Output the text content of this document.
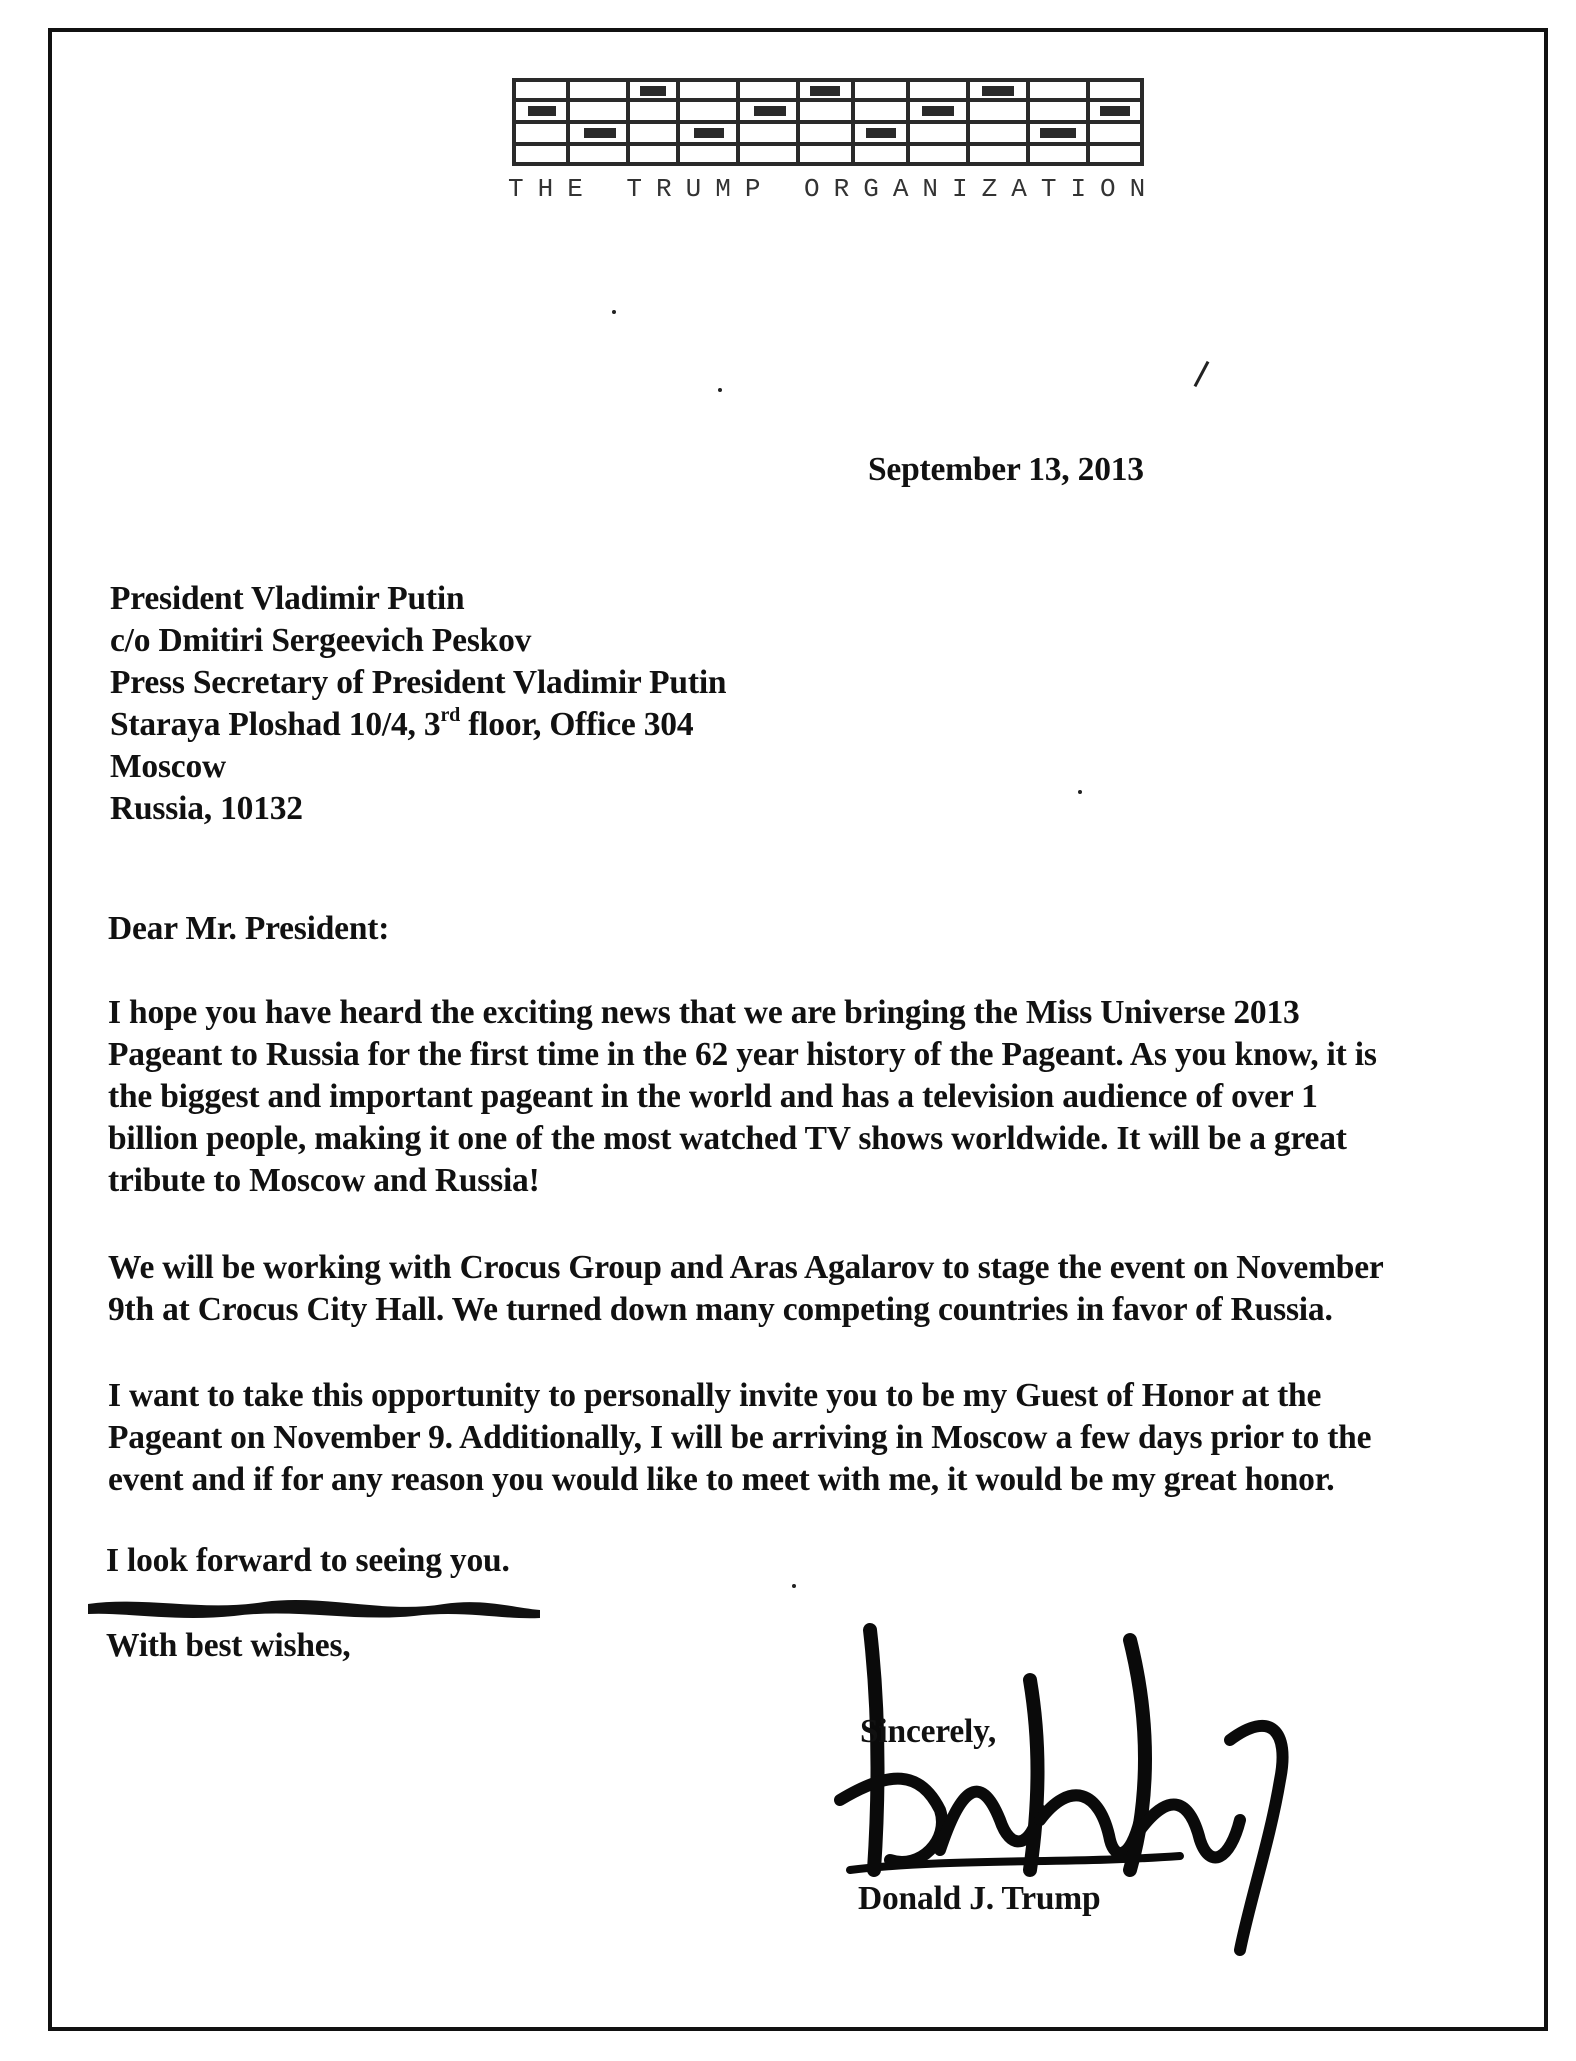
THE TRUMP ORGANIZATION
September 13, 2013
President Vladimir Putin
c/o Dmitiri Sergeevich Peskov
Press Secretary of President Vladimir Putin
Staraya Ploshad 10/4, 3rd floor, Office 304
Moscow
Russia, 10132
Dear Mr. President:
I hope you have heard the exciting news that we are bringing the Miss Universe 2013
Pageant to Russia for the first time in the 62 year history of the Pageant. As you know, it is
the biggest and important pageant in the world and has a television audience of over 1
billion people, making it one of the most watched TV shows worldwide. It will be a great
tribute to Moscow and Russia!
We will be working with Crocus Group and Aras Agalarov to stage the event on November
9th at Crocus City Hall. We turned down many competing countries in favor of Russia.
I want to take this opportunity to personally invite you to be my Guest of Honor at the
Pageant on November 9. Additionally, I will be arriving in Moscow a few days prior to the
event and if for any reason you would like to meet with me, it would be my great honor.
I look forward to seeing you.
With best wishes,
Sincerely,
Donald J. Trump
